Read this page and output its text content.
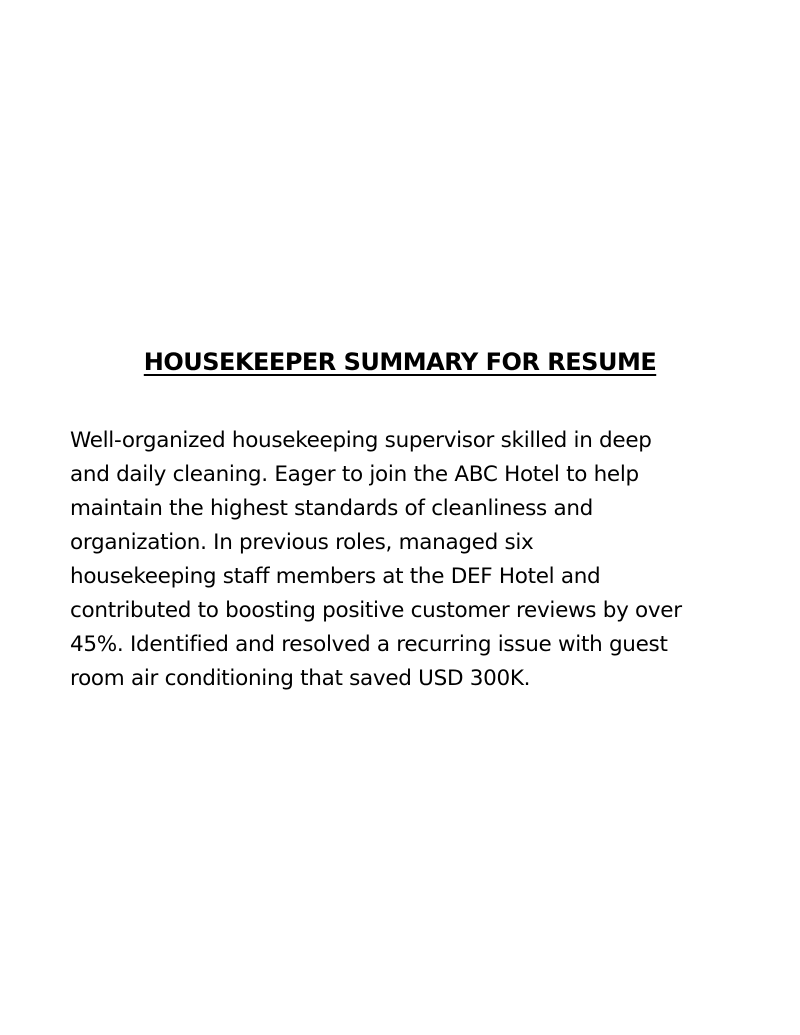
HOUSEKEEPER SUMMARY FOR RESUME

Well-organized housekeeping supervisor skilled in deep
and daily cleaning. Eager to join the ABC Hotel to help
maintain the highest standards of cleanliness and
organization. In previous roles, managed six
housekeeping staff members at the DEF Hotel and
contributed to boosting positive customer reviews by over
45%. Identified and resolved a recurring issue with guest
room air conditioning that saved USD 300K.
